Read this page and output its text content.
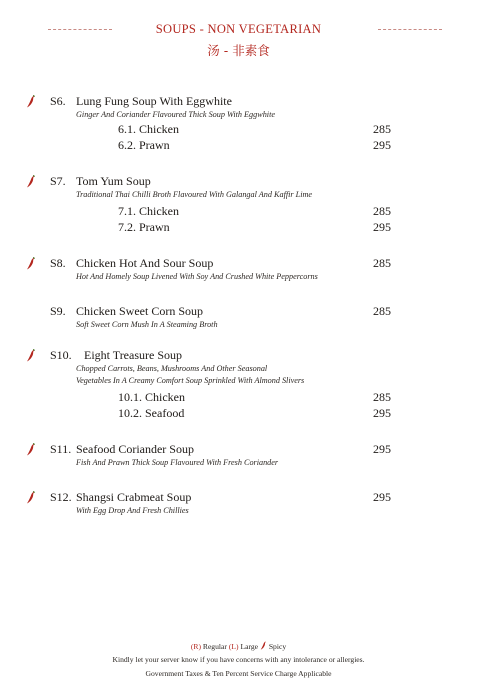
SOUPS - NON VEGETARIAN
汤 - 非素食
S6. Lung Fung Soup With Eggwhite
Ginger And Coriander Flavoured Thick Soup With Eggwhite
6.1. Chicken	285
6.2. Prawn	295
S7. Tom Yum Soup
Traditional Thai Chilli Broth Flavoured With Galangal And Kaffir Lime
7.1. Chicken	285
7.2. Prawn	295
S8. Chicken Hot And Sour Soup	285
Hot And Homely Soup Livened With Soy And Crushed White Peppercorns
S9. Chicken Sweet Corn Soup	285
Soft Sweet Corn Mush In A Steaming Broth
S10. Eight Treasure Soup
Chopped Carrots, Beans, Mushrooms And Other Seasonal
Vegetables In A Creamy Comfort Soup Sprinkled With Almond Slivers
10.1. Chicken	285
10.2. Seafood	295
S11. Seafood Coriander Soup	295
Fish And Prawn Thick Soup Flavoured With Fresh Coriander
S12. Shangsi Crabmeat Soup	295
With Egg Drop And Fresh Chillies
(R) Regular (L) Large Spicy
Kindly let your server know if you have concerns with any intolerance or allergies.
Government Taxes & Ten Percent Service Charge Applicable
